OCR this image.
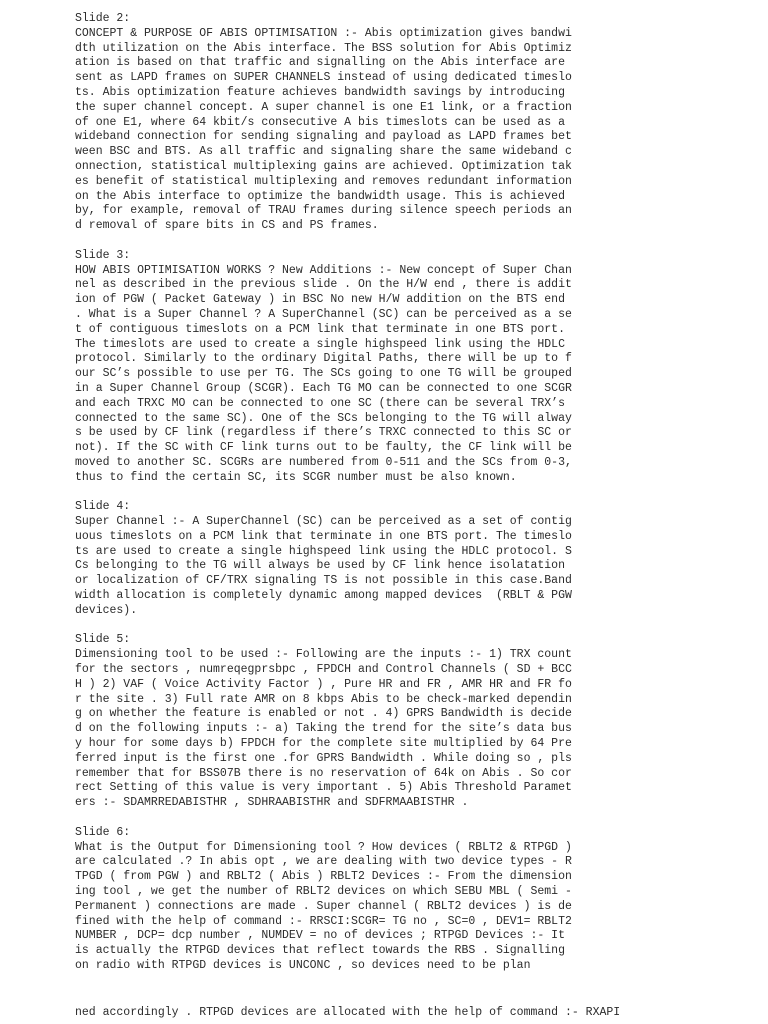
Slide 2:
CONCEPT & PURPOSE OF ABIS OPTIMISATION :- Abis optimization gives bandwidth utilization on the Abis interface. The BSS solution for Abis Optimization is based on that traffic and signalling on the Abis interface are sent as LAPD frames on SUPER CHANNELS instead of using dedicated timeslots. Abis optimization feature achieves bandwidth savings by introducing the super channel concept. A super channel is one E1 link, or a fraction of one E1, where 64 kbit/s consecutive A bis timeslots can be used as a wideband connection for sending signaling and payload as LAPD frames between BSC and BTS. As all traffic and signaling share the same wideband connection, statistical multiplexing gains are achieved. Optimization takes benefit of statistical multiplexing and removes redundant information on the Abis interface to optimize the bandwidth usage. This is achieved by, for example, removal of TRAU frames during silence speech periods and removal of spare bits in CS and PS frames.
Slide 3:
HOW ABIS OPTIMISATION WORKS ? New Additions :- New concept of Super Channel as described in the previous slide . On the H/W end , there is addition of PGW ( Packet Gateway ) in BSC No new H/W addition on the BTS end . What is a Super Channel ? A SuperChannel (SC) can be perceived as a set of contiguous timeslots on a PCM link that terminate in one BTS port. The timeslots are used to create a single highspeed link using the HDLC protocol. Similarly to the ordinary Digital Paths, there will be up to four SC’s possible to use per TG. The SCs going to one TG will be grouped in a Super Channel Group (SCGR). Each TG MO can be connected to one SCGR and each TRXC MO can be connected to one SC (there can be several TRX’s connected to the same SC). One of the SCs belonging to the TG will always be used by CF link (regardless if there’s TRXC connected to this SC or not). If the SC with CF link turns out to be faulty, the CF link will be moved to another SC. SCGRs are numbered from 0-511 and the SCs from 0-3, thus to find the certain SC, its SCGR number must be also known.
Slide 4:
Super Channel :- A SuperChannel (SC) can be perceived as a set of contiguous timeslots on a PCM link that terminate in one BTS port. The timeslots are used to create a single highspeed link using the HDLC protocol. SCs belonging to the TG will always be used by CF link hence isolatation or localization of CF/TRX signaling TS is not possible in this case.Bandwidth allocation is completely dynamic among mapped devices  (RBLT & PGW devices).
Slide 5:
Dimensioning tool to be used :- Following are the inputs :- 1) TRX count for the sectors , numreqegprsbpc , FPDCH and Control Channels ( SD + BCCH ) 2) VAF ( Voice Activity Factor ) , Pure HR and FR , AMR HR and FR for the site . 3) Full rate AMR on 8 kbps Abis to be check-marked depending on whether the feature is enabled or not . 4) GPRS Bandwidth is decided on the following inputs :- a) Taking the trend for the site’s data busy hour for some days b) FPDCH for the complete site multiplied by 64 Preferred input is the first one .for GPRS Bandwidth . While doing so , pls remember that for BSS07B there is no reservation of 64k on Abis . So correct Setting of this value is very important . 5) Abis Threshold Parameters :- SDAMRREDABISTHR , SDHRAABISTHR and SDFRMAABISTHR .
Slide 6:
What is the Output for Dimensioning tool ? How devices ( RBLT2 & RTPGD )are calculated .? In abis opt , we are dealing with two device types - RTPGD ( from PGW ) and RBLT2 ( Abis ) RBLT2 Devices :- From the dimensioning tool , we get the number of RBLT2 devices on which SEBU MBL ( Semi - Permanent ) connections are made . Super channel ( RBLT2 devices ) is defined with the help of command :- RRSCI:SCGR= TG no , SC=0 , DEV1= RBLT2 NUMBER , DCP= dcp number , NUMDEV = no of devices ; RTPGD Devices :- It is actually the RTPGD devices that reflect towards the RBS . Signalling on radio with RTPGD devices is UNCONC , so devices need to be plan
ned accordingly . RTPGD devices are allocated with the help of command :- RXAPI
